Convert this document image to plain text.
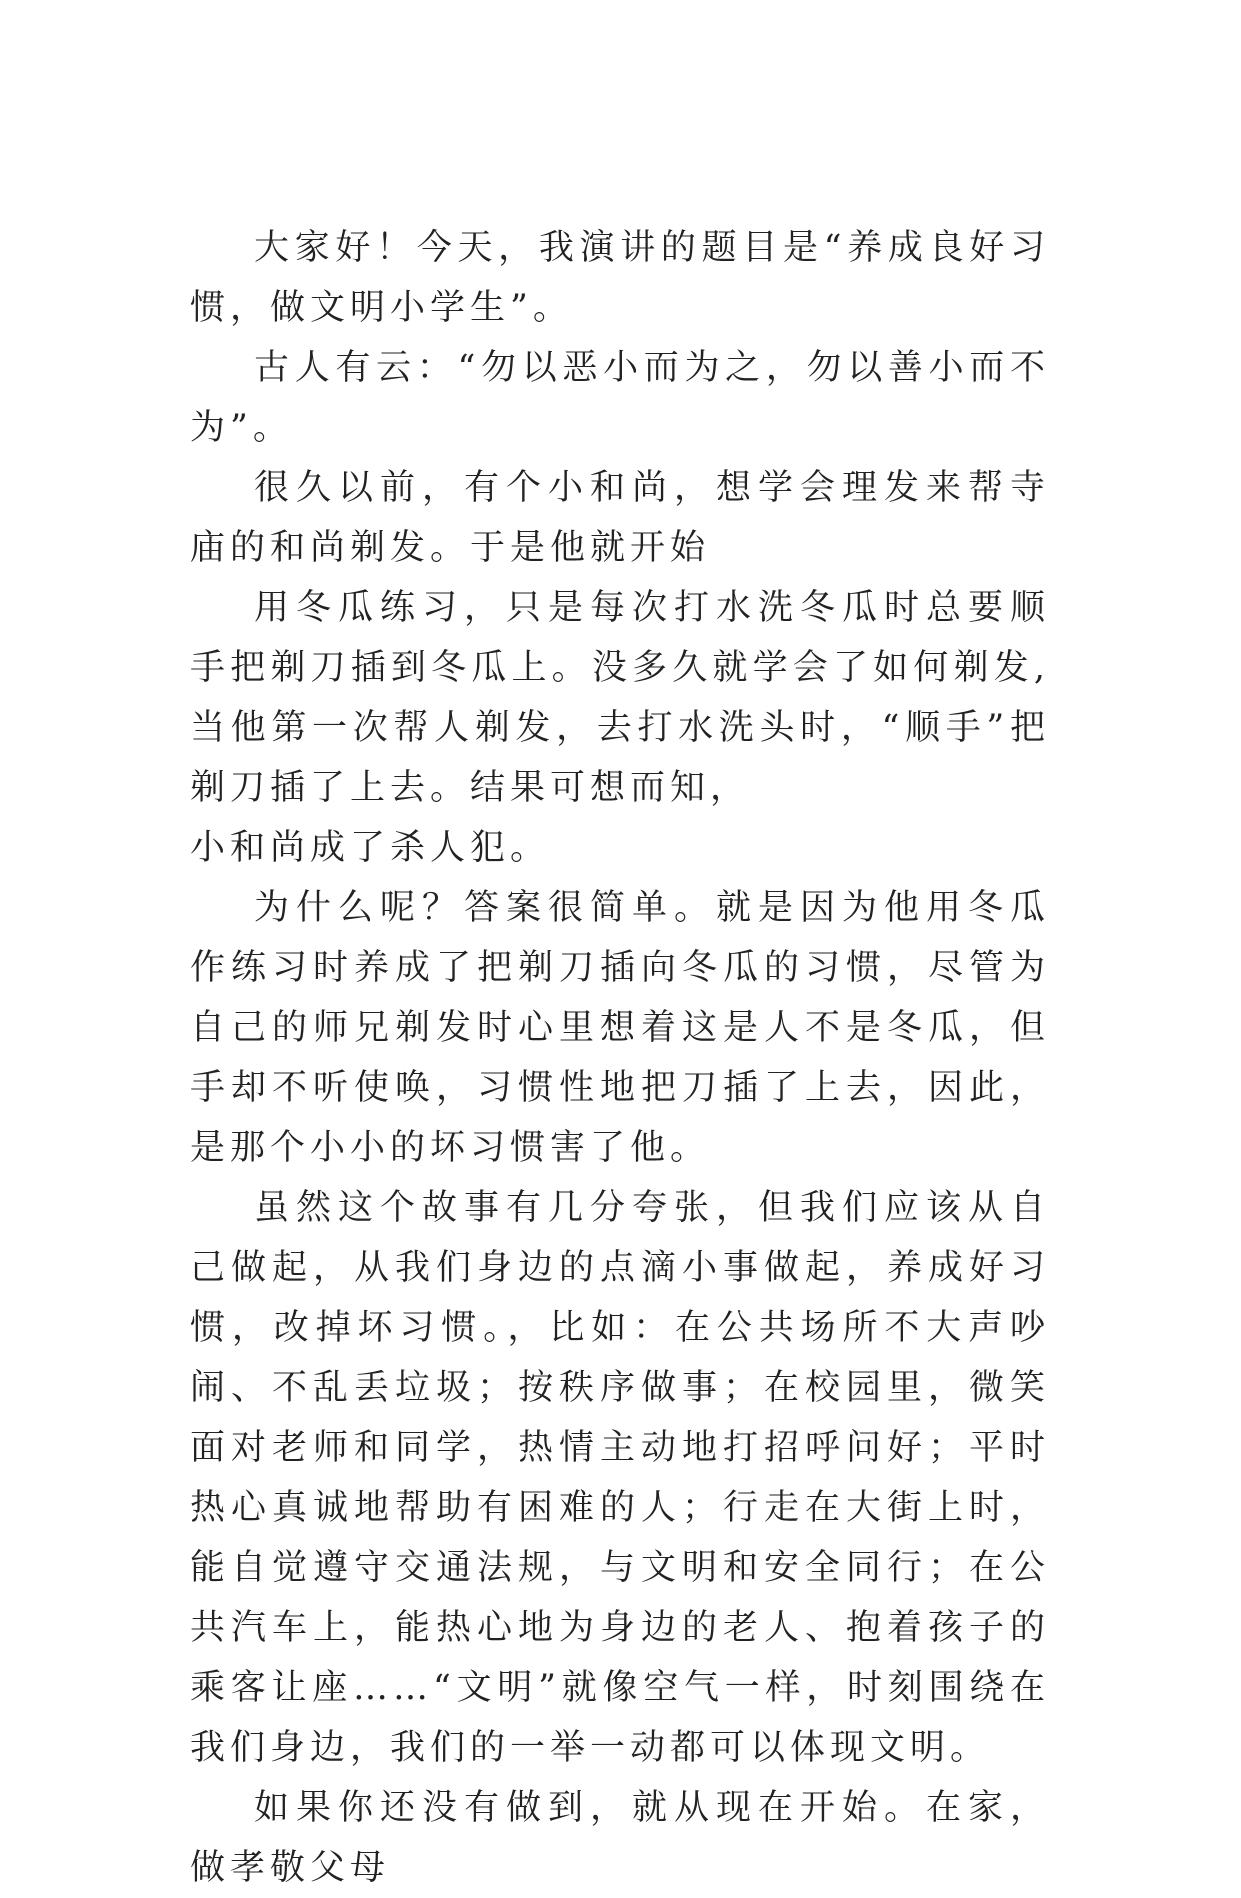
大家好！今天，我演讲的题目是“养成良好习惯，做文明小学生”。

古人有云：“勿以恶小而为之，勿以善小而不为”。

很久以前，有个小和尚，想学会理发来帮寺庙的和尚剃发。于是他就开始

用冬瓜练习，只是每次打水洗冬瓜时总要顺手把剃刀插到冬瓜上。没多久就学会了如何剃发,当他第一次帮人剃发，去打水洗头时，“顺手”把剃刀插了上去。结果可想而知，

小和尚成了杀人犯。

为什么呢？答案很简单。就是因为他用冬瓜作练习时养成了把剃刀插向冬瓜的习惯，尽管为自己的师兄剃发时心里想着这是人不是冬瓜，但手却不听使唤，习惯性地把刀插了上去，因此，是那个小小的坏习惯害了他。

虽然这个故事有几分夸张，但我们应该从自己做起，从我们身边的点滴小事做起，养成好习惯，改掉坏习惯。，比如：在公共场所不大声吵闹、不乱丢垃圾；按秩序做事；在校园里，微笑面对老师和同学，热情主动地打招呼问好；平时热心真诚地帮助有困难的人；行走在大街上时，能自觉遵守交通法规，与文明和安全同行；在公共汽车上，能热心地为身边的老人、抱着孩子的乘客让座……“文明”就像空气一样，时刻围绕在我们身边，我们的一举一动都可以体现文明。

如果你还没有做到，就从现在开始。在家，做孝敬父母
